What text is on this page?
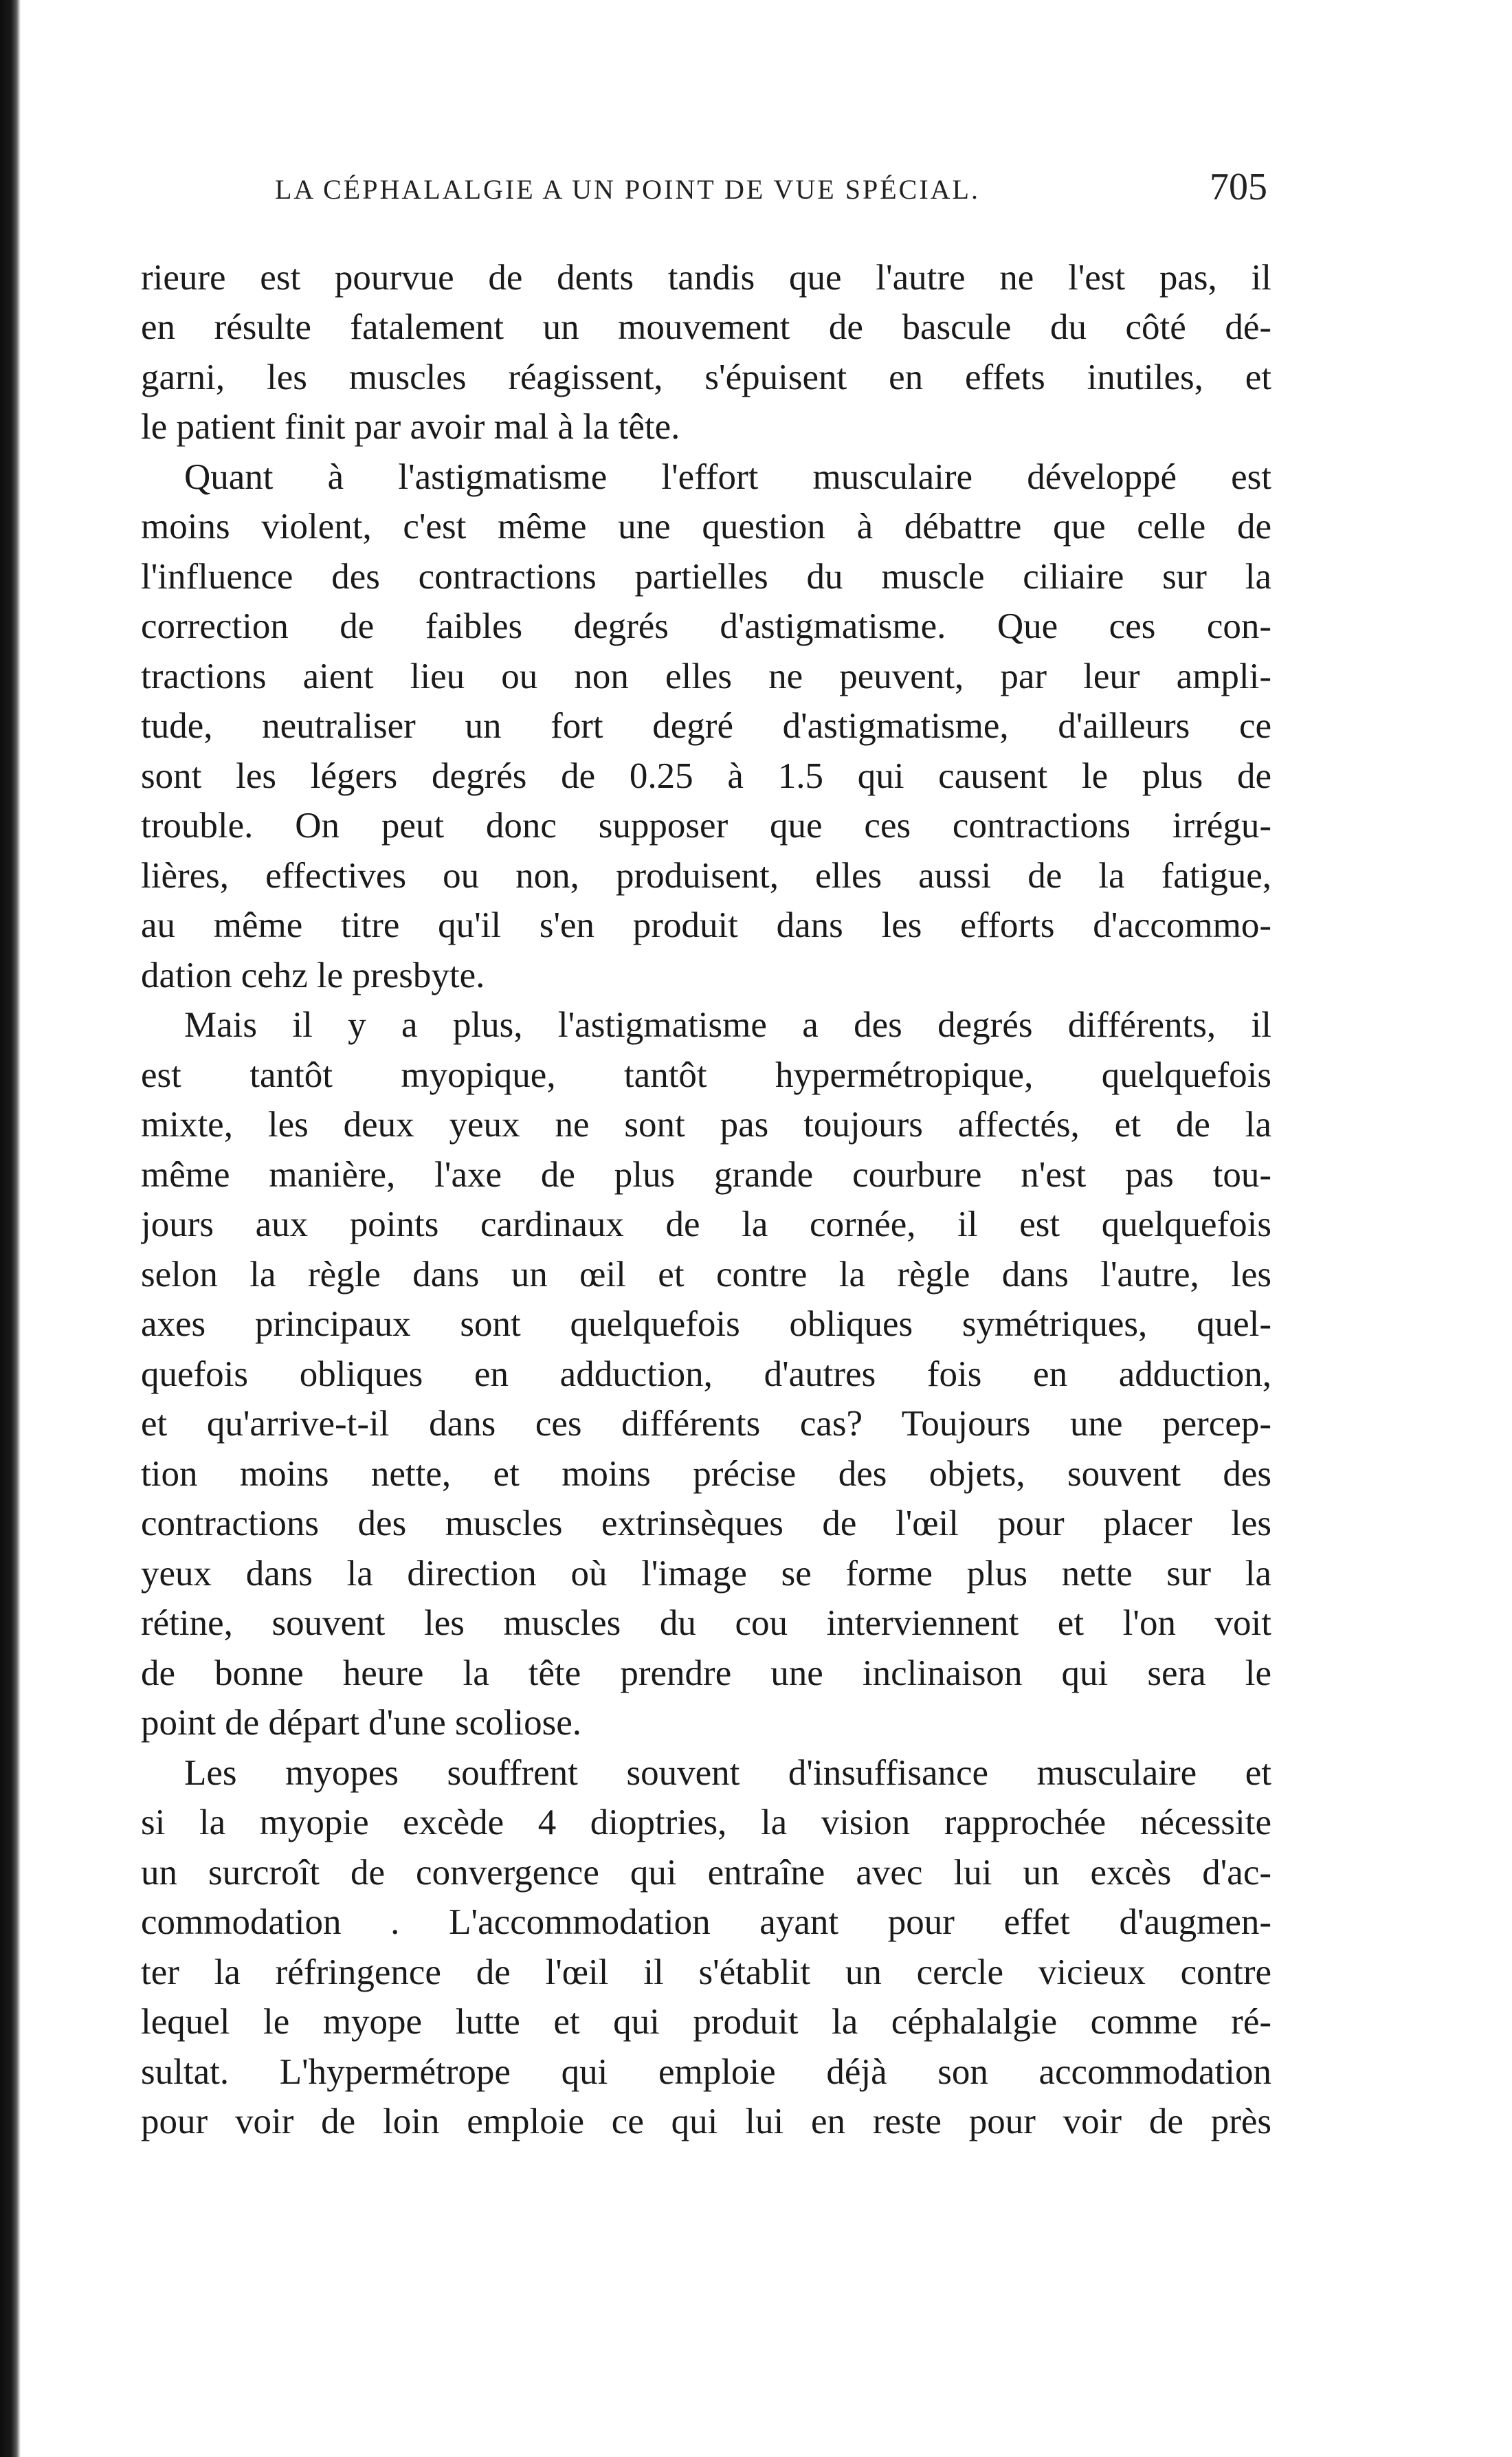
LA CÉPHALALGIE A UN POINT DE VUE SPÉCIAL.	705
rieure est pourvue de dents tandis que l'autre ne l'est pas, il
en résulte fatalement un mouvement de bascule du côté dé-
garni, les muscles réagissent, s'épuisent en effets inutiles, et
le patient finit par avoir mal à la tête.
Quant à l'astigmatisme l'effort musculaire développé est
moins violent, c'est même une question à débattre que celle de
l'influence des contractions partielles du muscle ciliaire sur la
correction de faibles degrés d'astigmatisme. Que ces con-
tractions aient lieu ou non elles ne peuvent, par leur ampli-
tude, neutraliser un fort degré d'astigmatisme, d'ailleurs ce
sont les légers degrés de 0.25 à 1.5 qui causent le plus de
trouble. On peut donc supposer que ces contractions irrégu-
lières, effectives ou non, produisent, elles aussi de la fatigue,
au même titre qu'il s'en produit dans les efforts d'accommo-
dation cehz le presbyte.
Mais il y a plus, l'astigmatisme a des degrés différents, il
est tantôt myopique, tantôt hypermétropique, quelquefois
mixte, les deux yeux ne sont pas toujours affectés, et de la
même manière, l'axe de plus grande courbure n'est pas tou-
jours aux points cardinaux de la cornée, il est quelquefois
selon la règle dans un œil et contre la règle dans l'autre, les
axes principaux sont quelquefois obliques symétriques, quel-
quefois obliques en adduction, d'autres fois en adduction,
et qu'arrive-t-il dans ces différents cas? Toujours une percep-
tion moins nette, et moins précise des objets, souvent des
contractions des muscles extrinsèques de l'œil pour placer les
yeux dans la direction où l'image se forme plus nette sur la
rétine, souvent les muscles du cou interviennent et l'on voit
de bonne heure la tête prendre une inclinaison qui sera le
point de départ d'une scoliose.
Les myopes souffrent souvent d'insuffisance musculaire et
si la myopie excède 4 dioptries, la vision rapprochée nécessite
un surcroît de convergence qui entraîne avec lui un excès d'ac-
commodation . L'accommodation ayant pour effet d'augmen-
ter la réfringence de l'œil il s'établit un cercle vicieux contre
lequel le myope lutte et qui produit la céphalalgie comme ré-
sultat. L'hypermétrope qui emploie déjà son accommodation
pour voir de loin emploie ce qui lui en reste pour voir de près
